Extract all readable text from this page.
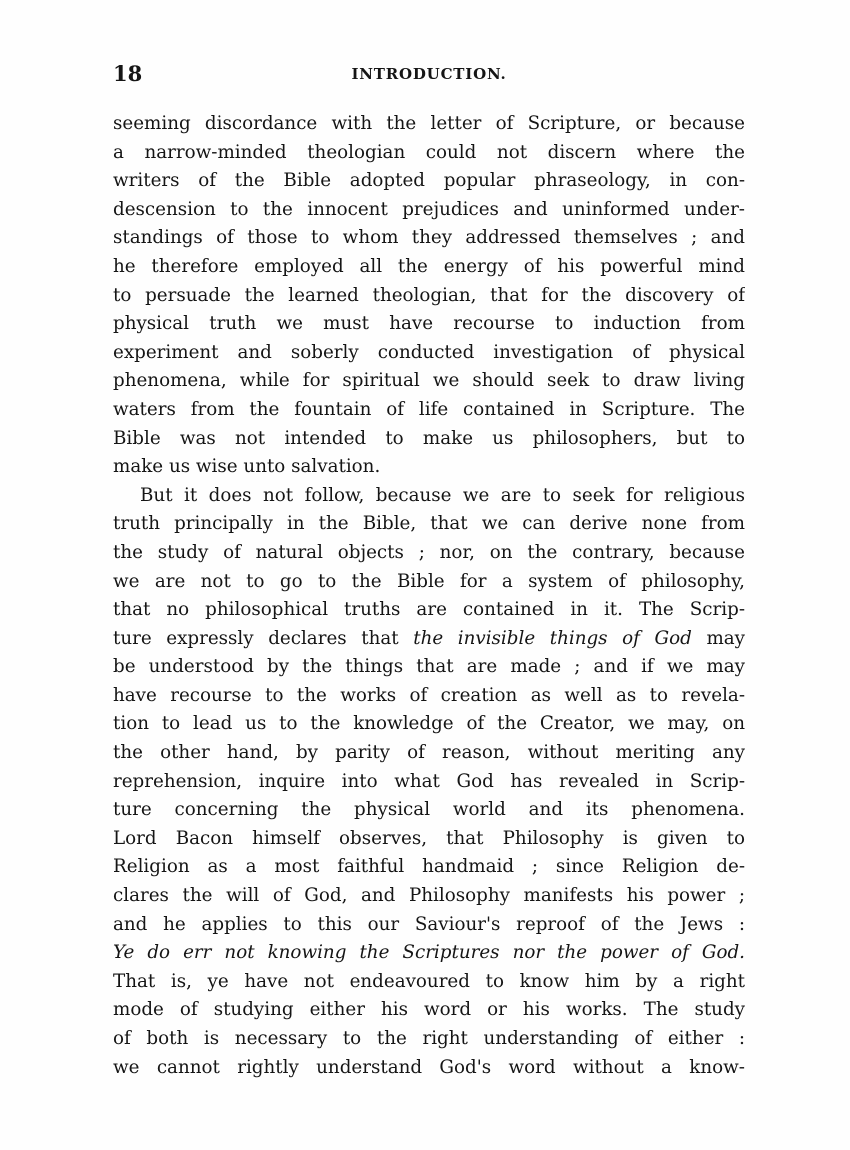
18	INTRODUCTION.
seeming discordance with the letter of Scripture, or because
a narrow-minded theologian could not discern where the
writers of the Bible adopted popular phraseology, in con-
descension to the innocent prejudices and uninformed under-
standings of those to whom they addressed themselves ; and
he therefore employed all the energy of his powerful mind
to persuade the learned theologian, that for the discovery of
physical truth we must have recourse to induction from
experiment and soberly conducted investigation of physical
phenomena, while for spiritual we should seek to draw living
waters from the fountain of life contained in Scripture. The
Bible was not intended to make us philosophers, but to
make us wise unto salvation.
But it does not follow, because we are to seek for religious
truth principally in the Bible, that we can derive none from
the study of natural objects ; nor, on the contrary, because
we are not to go to the Bible for a system of philosophy,
that no philosophical truths are contained in it. The Scrip-
ture expressly declares that the invisible things of God may
be understood by the things that are made ; and if we may
have recourse to the works of creation as well as to revela-
tion to lead us to the knowledge of the Creator, we may, on
the other hand, by parity of reason, without meriting any
reprehension, inquire into what God has revealed in Scrip-
ture concerning the physical world and its phenomena.
Lord Bacon himself observes, that Philosophy is given to
Religion as a most faithful handmaid ; since Religion de-
clares the will of God, and Philosophy manifests his power ;
and he applies to this our Saviour's reproof of the Jews :
Ye do err not knowing the Scriptures nor the power of God.
That is, ye have not endeavoured to know him by a right
mode of studying either his word or his works. The study
of both is necessary to the right understanding of either :
we cannot rightly understand God's word without a know-
